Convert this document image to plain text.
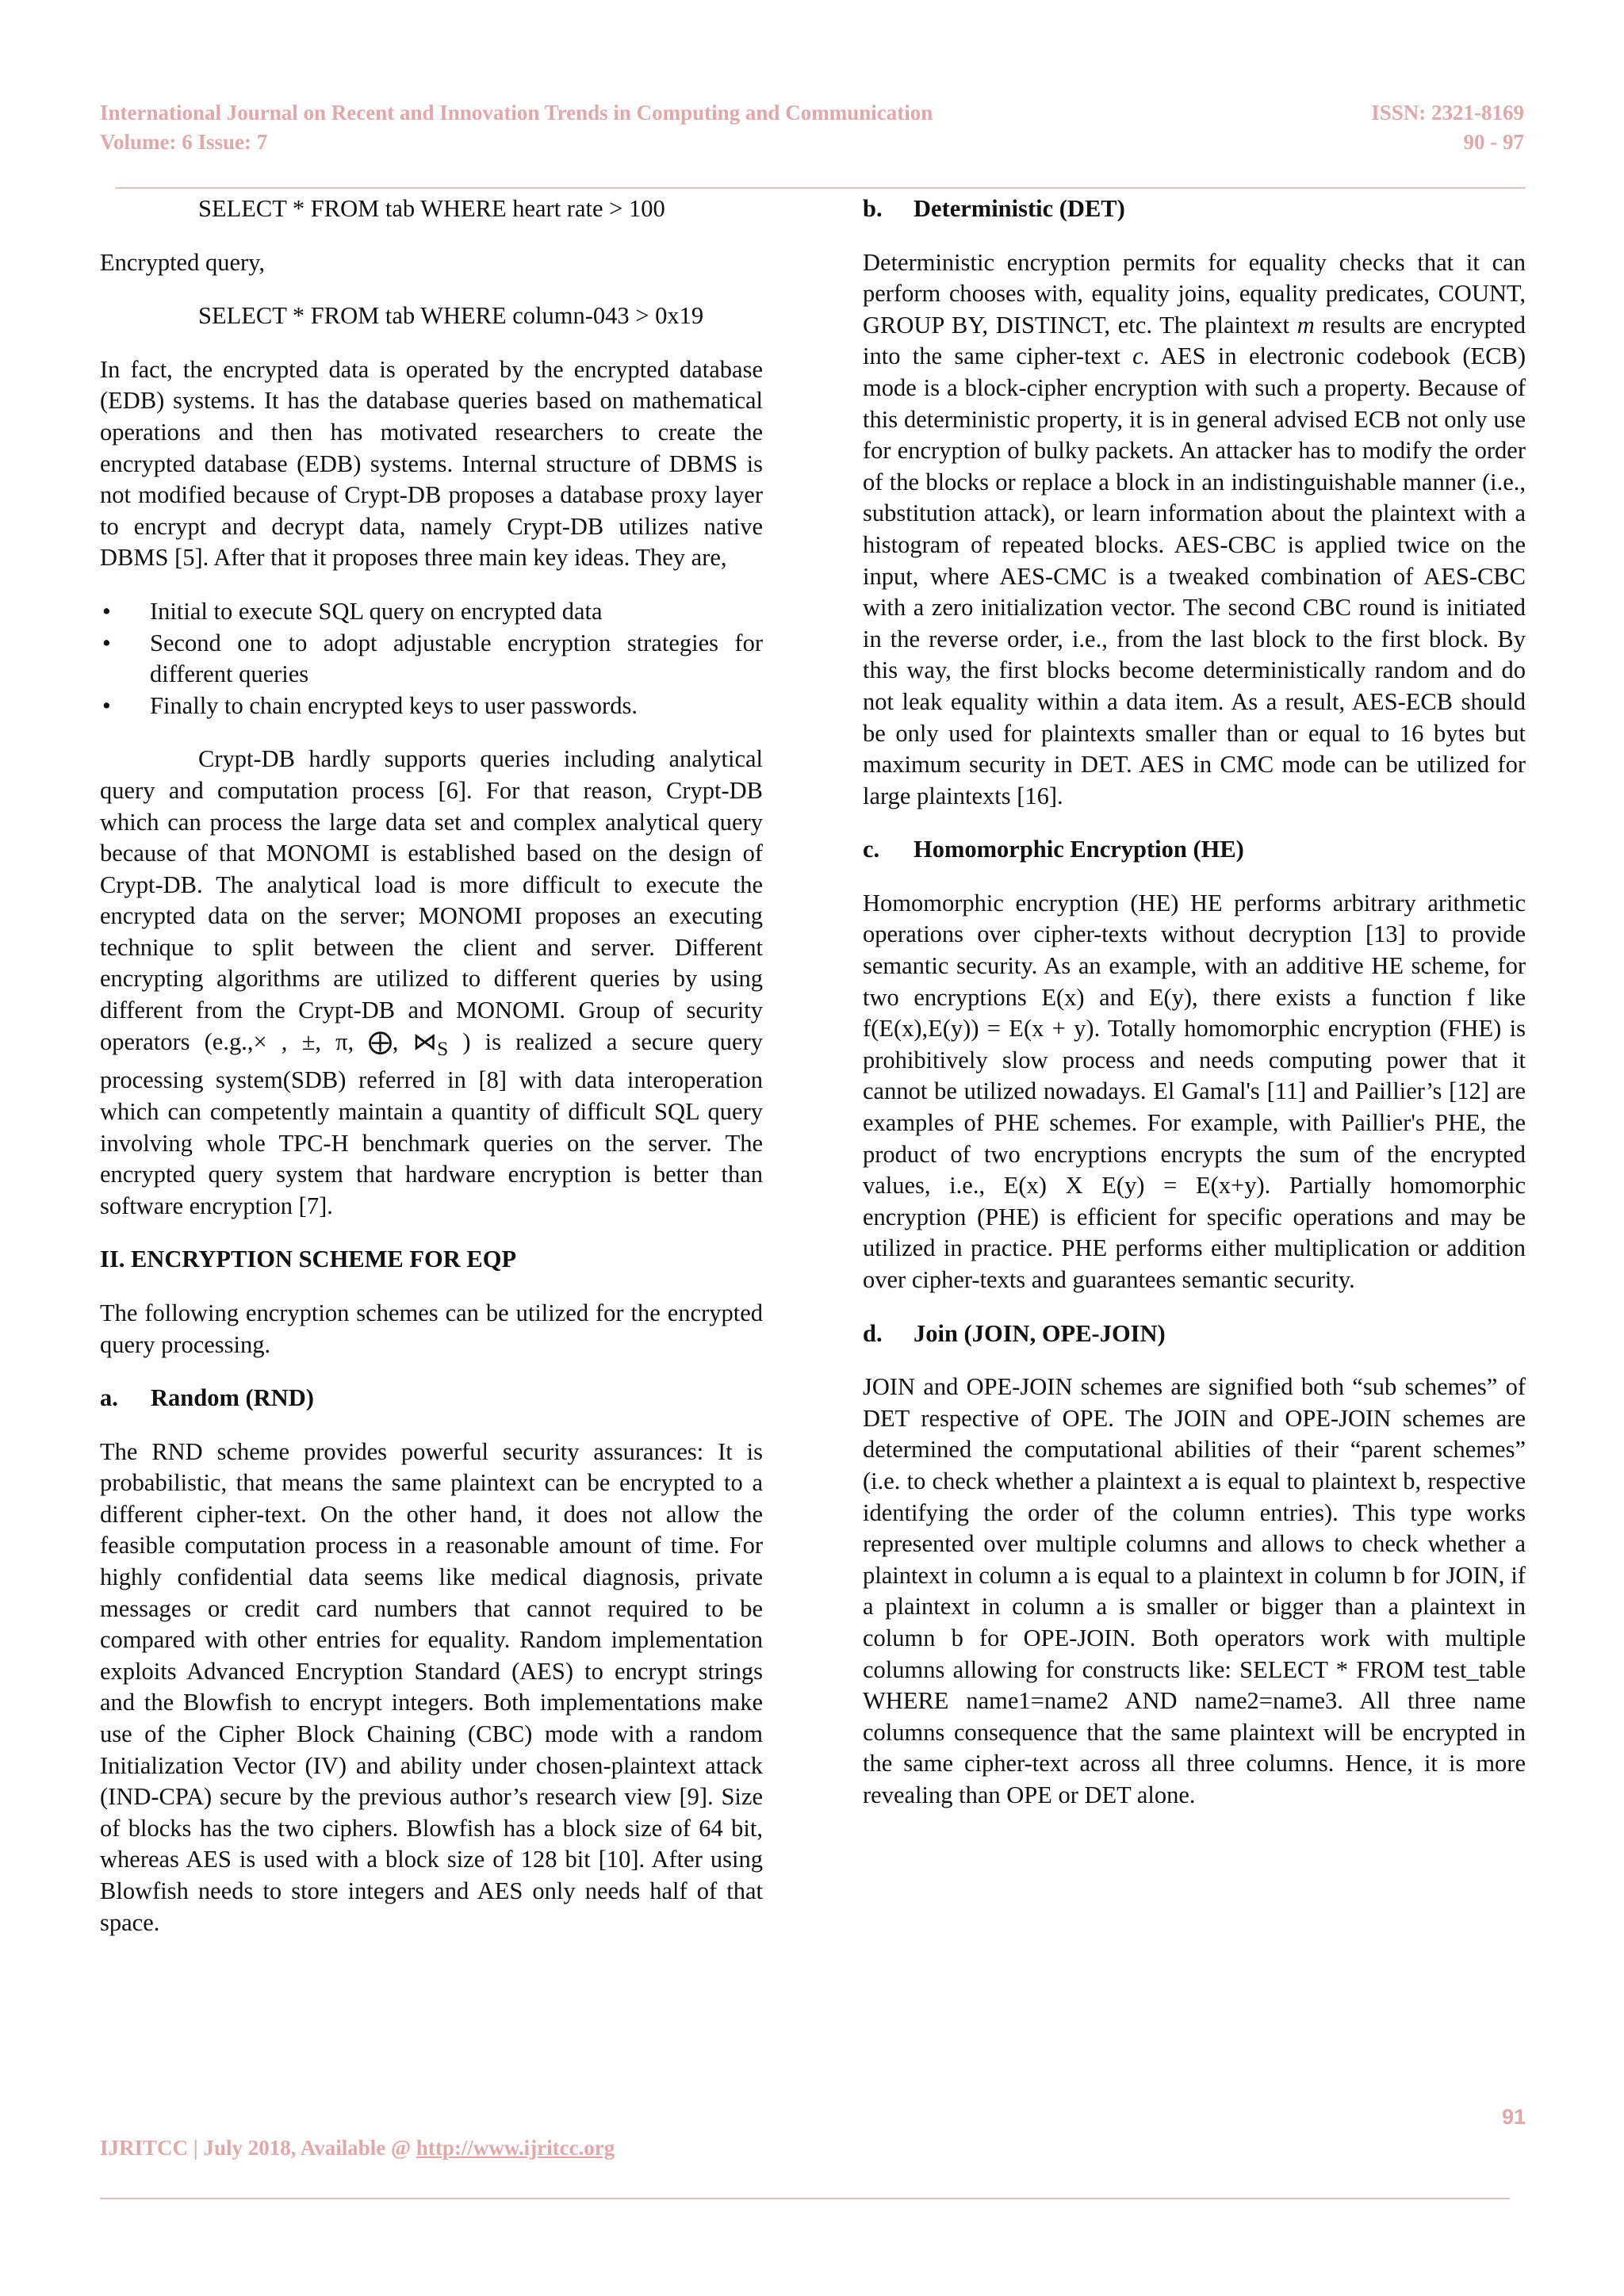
International Journal on Recent and Innovation Trends in Computing and Communication
Volume: 6 Issue: 7
ISSN: 2321-8169
90 - 97
SELECT * FROM tab WHERE heart rate > 100

Encrypted query,

SELECT * FROM tab WHERE column-043 > 0x19

In fact, the encrypted data is operated by the encrypted database (EDB) systems. It has the database queries based on mathematical operations and then has motivated researchers to create the encrypted database (EDB) systems. Internal structure of DBMS is not modified because of Crypt-DB proposes a database proxy layer to encrypt and decrypt data, namely Crypt-DB utilizes native DBMS [5]. After that it proposes three main key ideas. They are,

• Initial to execute SQL query on encrypted data
• Second one to adopt adjustable encryption strategies for different queries
• Finally to chain encrypted keys to user passwords.

Crypt-DB hardly supports queries including analytical query and computation process [6]. For that reason, Crypt-DB which can process the large data set and complex analytical query because of that MONOMI is established based on the design of Crypt-DB. The analytical load is more difficult to execute the encrypted data on the server; MONOMI proposes an executing technique to split between the client and server. Different encrypting algorithms are utilized to different queries by using different from the Crypt-DB and MONOMI. Group of security operators (e.g.,× , ±, π, ⨁, $⋈_S$ ) is realized a secure query processing system(SDB) referred in [8] with data interoperation which can competently maintain a quantity of difficult SQL query involving whole TPC-H benchmark queries on the server. The encrypted query system that hardware encryption is better than software encryption [7].

II. ENCRYPTION SCHEME FOR EQP

The following encryption schemes can be utilized for the encrypted query processing.

a. Random (RND)

The RND scheme provides powerful security assurances: It is probabilistic, that means the same plaintext can be encrypted to a different cipher-text. On the other hand, it does not allow the feasible computation process in a reasonable amount of time. For highly confidential data seems like medical diagnosis, private messages or credit card numbers that cannot required to be compared with other entries for equality. Random implementation exploits Advanced Encryption Standard (AES) to encrypt strings and the Blowfish to encrypt integers. Both implementations make use of the Cipher Block Chaining (CBC) mode with a random Initialization Vector (IV) and ability under chosen-plaintext attack (IND-CPA) secure by the previous author’s research view [9]. Size of blocks has the two ciphers. Blowfish has a block size of 64 bit, whereas AES is used with a block size of 128 bit [10]. After using Blowfish needs to store integers and AES only needs half of that space.

b. Deterministic (DET)

Deterministic encryption permits for equality checks that it can perform chooses with, equality joins, equality predicates, COUNT, GROUP BY, DISTINCT, etc. The plaintext m results are encrypted into the same cipher-text c. AES in electronic codebook (ECB) mode is a block-cipher encryption with such a property. Because of this deterministic property, it is in general advised ECB not only use for encryption of bulky packets. An attacker has to modify the order of the blocks or replace a block in an indistinguishable manner (i.e., substitution attack), or learn information about the plaintext with a histogram of repeated blocks. AES-CBC is applied twice on the input, where AES-CMC is a tweaked combination of AES-CBC with a zero initialization vector. The second CBC round is initiated in the reverse order, i.e., from the last block to the first block. By this way, the first blocks become deterministically random and do not leak equality within a data item. As a result, AES-ECB should be only used for plaintexts smaller than or equal to 16 bytes but maximum security in DET. AES in CMC mode can be utilized for large plaintexts [16].

c. Homomorphic Encryption (HE)

Homomorphic encryption (HE) HE performs arbitrary arithmetic operations over cipher-texts without decryption [13] to provide semantic security. As an example, with an additive HE scheme, for two encryptions E(x) and E(y), there exists a function f like f(E(x),E(y)) = E(x + y). Totally homomorphic encryption (FHE) is prohibitively slow process and needs computing power that it cannot be utilized nowadays. El Gamal's [11] and Paillier’s [12] are examples of PHE schemes. For example, with Paillier's PHE, the product of two encryptions encrypts the sum of the encrypted values, i.e., E(x) X E(y) = E(x+y). Partially homomorphic encryption (PHE) is efficient for specific operations and may be utilized in practice. PHE performs either multiplication or addition over cipher-texts and guarantees semantic security.

d. Join (JOIN, OPE-JOIN)

JOIN and OPE-JOIN schemes are signified both “sub schemes” of DET respective of OPE. The JOIN and OPE-JOIN schemes are determined the computational abilities of their “parent schemes” (i.e. to check whether a plaintext a is equal to plaintext b, respective identifying the order of the column entries). This type works represented over multiple columns and allows to check whether a plaintext in column a is equal to a plaintext in column b for JOIN, if a plaintext in column a is smaller or bigger than a plaintext in column b for OPE-JOIN. Both operators work with multiple columns allowing for constructs like: SELECT * FROM test_table WHERE name1=name2 AND name2=name3. All three name columns consequence that the same plaintext will be encrypted in the same cipher-text across all three columns. Hence, it is more revealing than OPE or DET alone.

91
IJRITCC | July 2018, Available @ http://www.ijritcc.org
